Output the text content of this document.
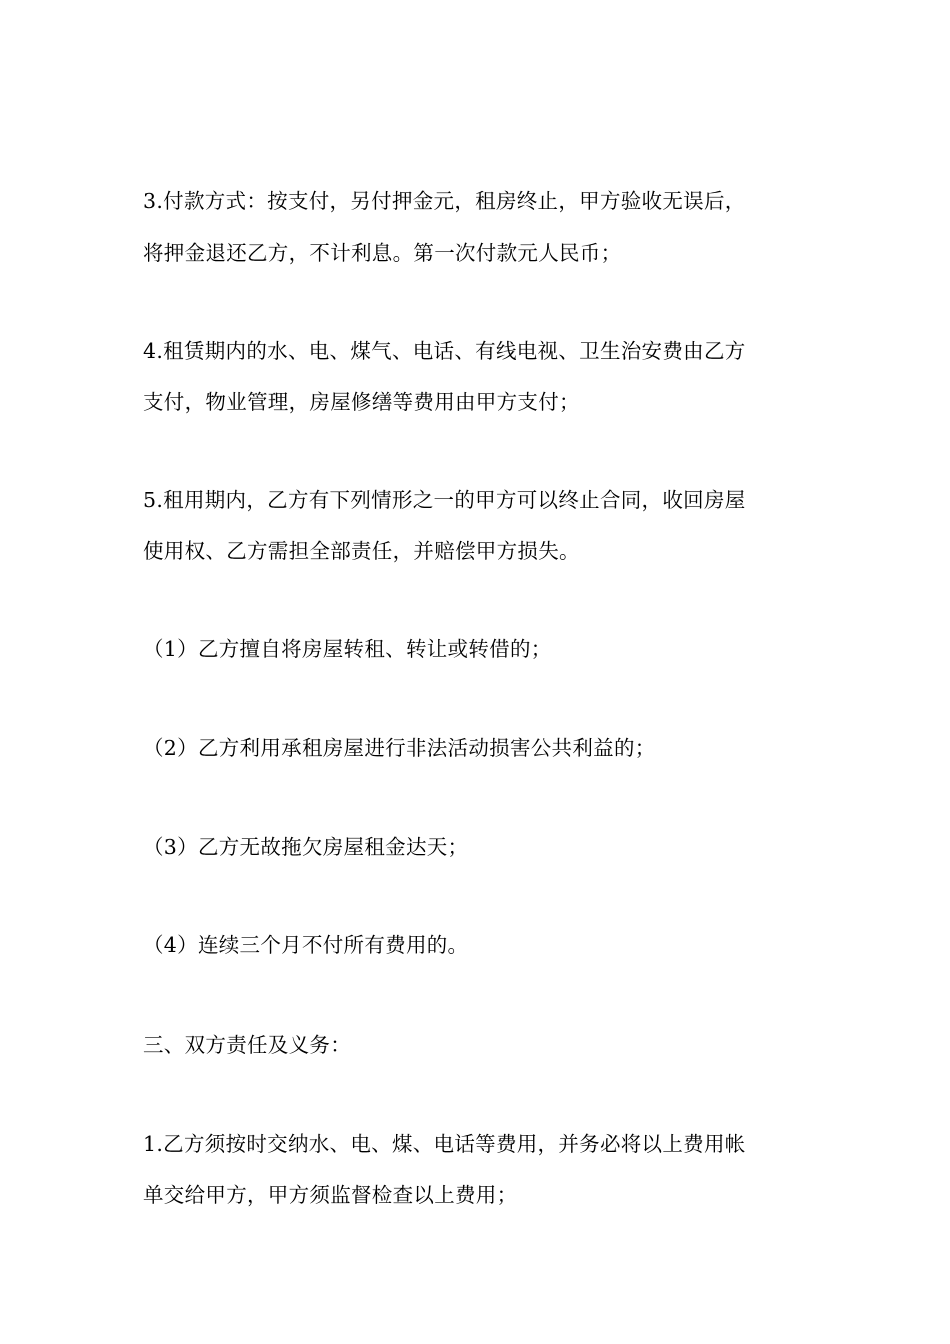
3.付款方式：按支付，另付押金元，租房终止，甲方验收无误后，
将押金退还乙方，不计利息。第一次付款元人民币；
4.租赁期内的水、电、煤气、电话、有线电视、卫生治安费由乙方
支付，物业管理，房屋修缮等费用由甲方支付；
5.租用期内，乙方有下列情形之一的甲方可以终止合同，收回房屋
使用权、乙方需担全部责任，并赔偿甲方损失。
（1）乙方擅自将房屋转租、转让或转借的；
（2）乙方利用承租房屋进行非法活动损害公共利益的；
（3）乙方无故拖欠房屋租金达天；
（4）连续三个月不付所有费用的。
三、双方责任及义务：
1.乙方须按时交纳水、电、煤、电话等费用，并务必将以上费用帐
单交给甲方，甲方须监督检查以上费用；
